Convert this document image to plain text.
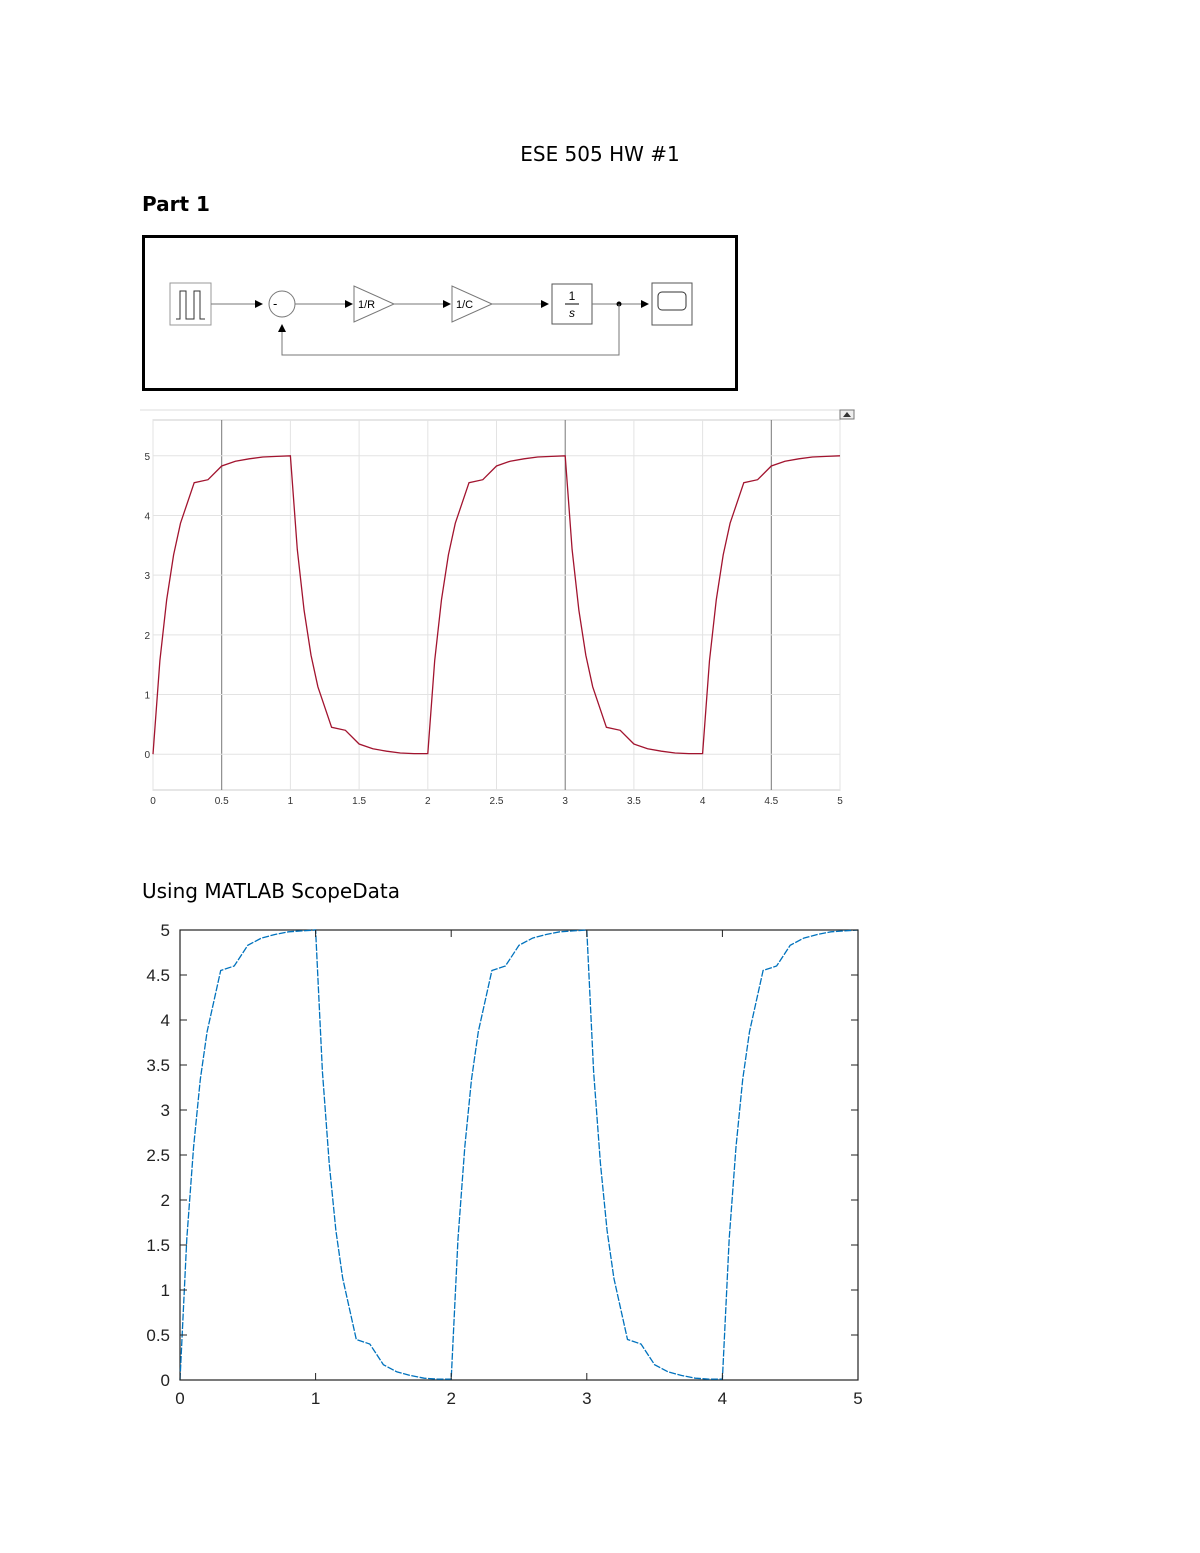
ESE 505 HW #1
Part 1
-	1/R	1/C
1
s
0	0.5	1	1.5	2	2.5	3	3.5	4	4.5	5
0
1
2
3
4
5
Using MATLAB ScopeData
0	1	2	3	4	5
0
0.5
1
1.5
2
2.5
3
3.5
4
4.5
5
